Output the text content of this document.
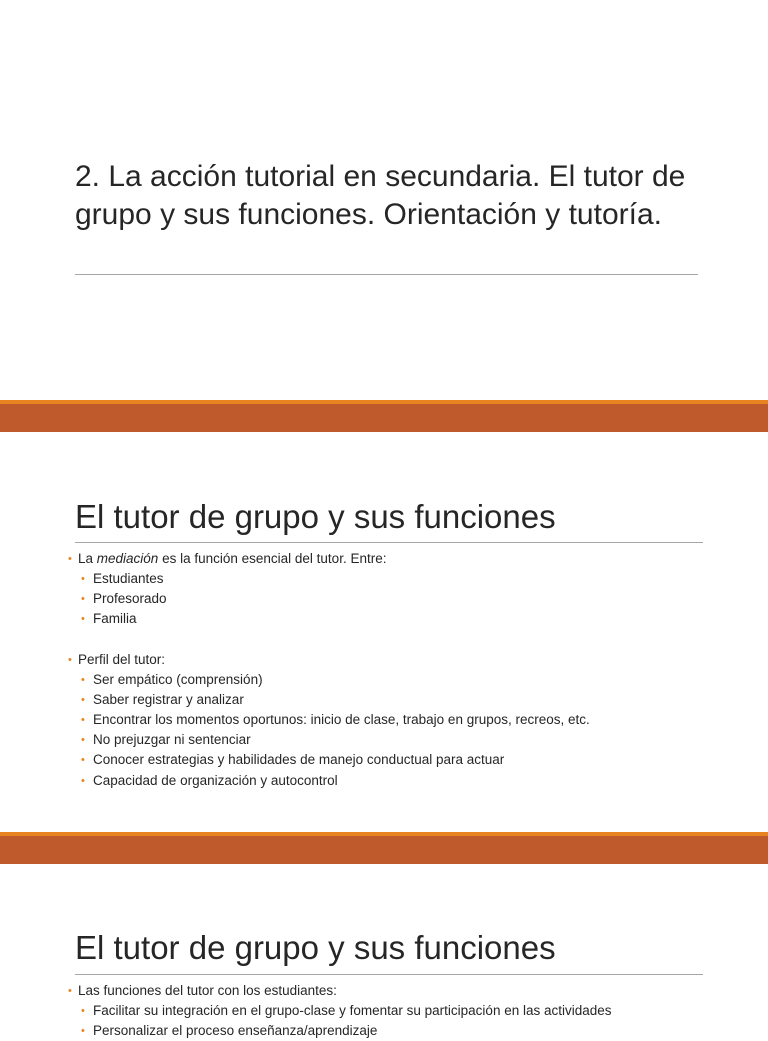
2. La acción tutorial en secundaria. El tutor de grupo y sus funciones. Orientación y tutoría.
El tutor de grupo y sus funciones
• La mediación es la función esencial del tutor. Entre:
• Estudiantes
• Profesorado
• Familia
• Perfil del tutor:
• Ser empático (comprensión)
• Saber registrar y analizar
• Encontrar los momentos oportunos: inicio de clase, trabajo en grupos, recreos, etc.
• No prejuzgar ni sentenciar
• Conocer estrategias y habilidades de manejo conductual para actuar
• Capacidad de organización y autocontrol
El tutor de grupo y sus funciones
• Las funciones del tutor con los estudiantes:
• Facilitar su integración en el grupo-clase y fomentar su participación en las actividades
• Personalizar el proceso enseñanza/aprendizaje
